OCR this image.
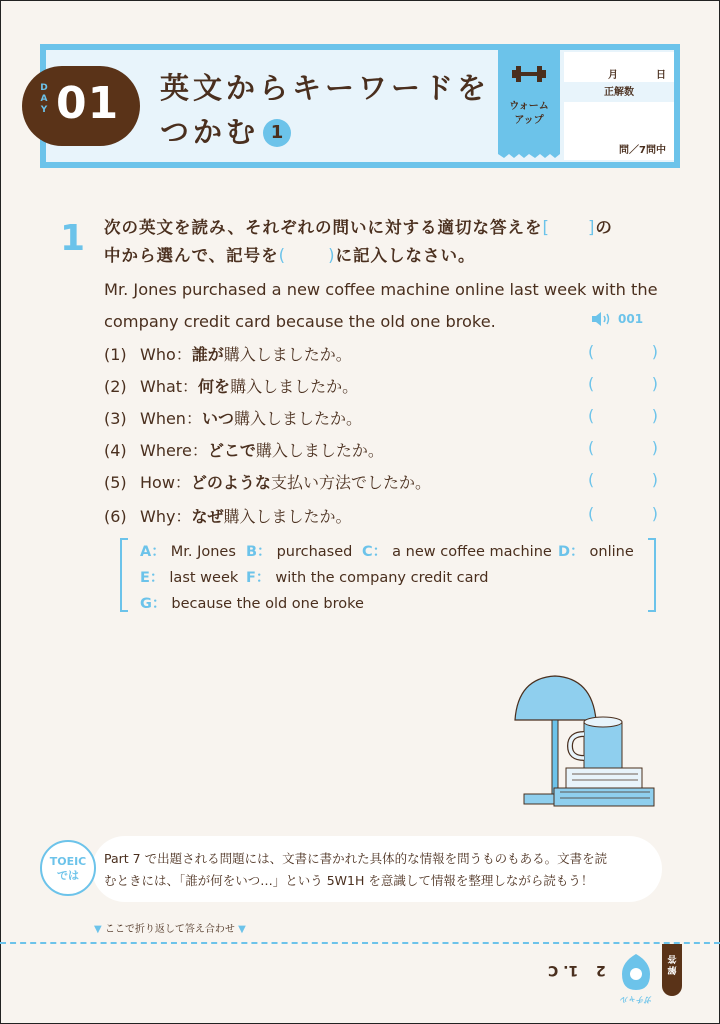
DAY 01 英文からキーワードを
つかむ 1
ウォーム
アップ
月	日
正解数
問／7問中
1 次の英文を読み、それぞれの問いに対する適切な答えを[ ]の
中から選んで、記号を(	)に記入しなさい。
Mr. Jones purchased a new coffee machine online last week with the
company credit card because the old one broke.	001
(1) Who：誰が購入しましたか。	(	)
(2) What：何を購入しましたか。	(	)
(3) When：いつ購入しましたか。	(	)
(4) Where：どこで購入しましたか。	(	)
(5) How：どのような支払い方法でしたか。	(	)
(6) Why：なぜ購入しましたか。	(	)
A： Mr. Jones B： purchased C： a new coffee machine D： online
E： last week F： with the company credit card
G： because the old one broke
Part 7 で出題される問題には、文書に書かれた具体的な情報を問うものもある。文書を読
むときには、「誰が何をいつ…」という 5W1H を意識して情報を整理しながら読もう！
TOEIC
では
▼ ここで折り返して答え合わせ ▼
1. C 2
ガチャル
解答
